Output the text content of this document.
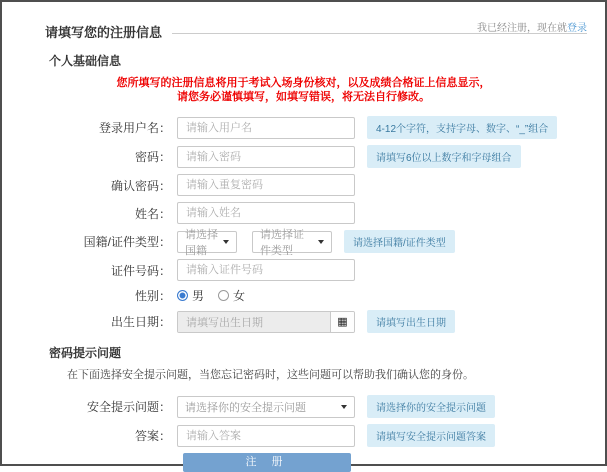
请填写您的注册信息	我已经注册，现在就登录
个人基础信息
您所填写的注册信息将用于考试入场身份核对，以及成绩合格证上信息显示，
请您务必谨慎填写，如填写错误，将无法自行修改。
登录用户名：
请输入用户名	4-12个字符，支持字母、数字、“_”组合
密码：
请输入密码	请填写6位以上数字和字母组合
确认密码：
请输入重复密码
姓名：
请输入姓名
国籍/证件类型：
请选择国籍
请选择证件类型
请选择国籍/证件类型
证件号码：
请输入证件号码
性别：	男 女
出生日期：	请填写出生日期	▦	请填写出生日期
密码提示问题
在下面选择安全提示问题，当您忘记密码时，这些问题可以帮助我们确认您的身份。
安全提示问题：	请选择你的安全提示问题	请选择你的安全提示问题
答案：
请输入答案	请填写安全提示问题答案
注 册
